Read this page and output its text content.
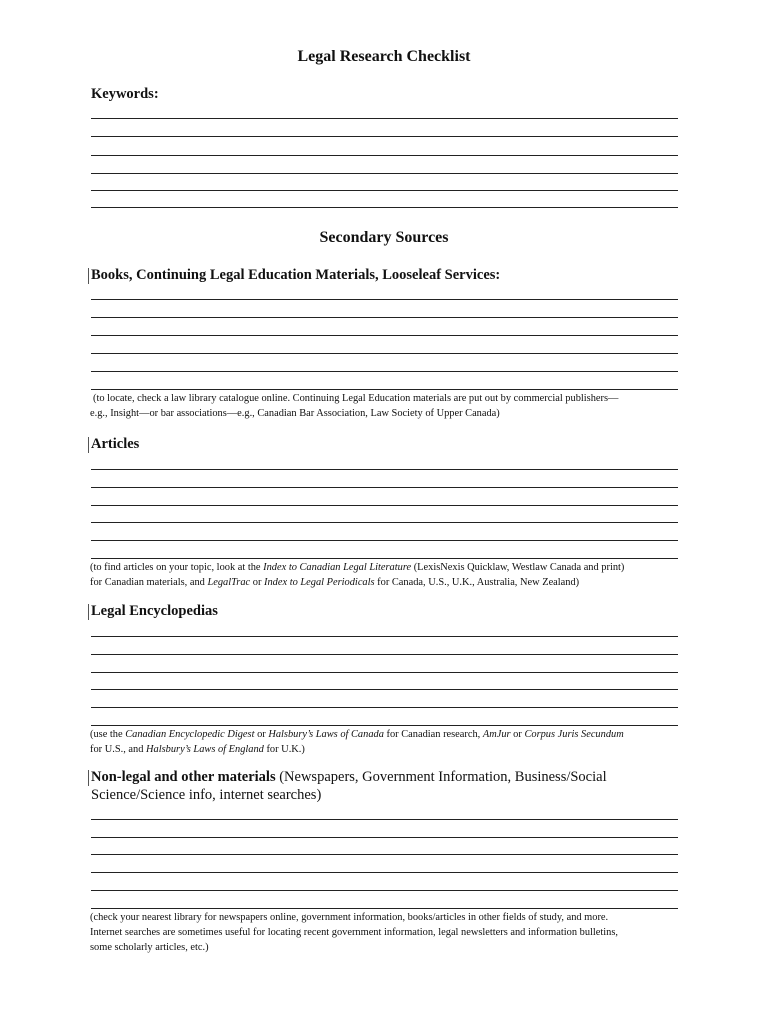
Legal Research Checklist
Keywords:
Secondary Sources
Books, Continuing Legal Education Materials, Looseleaf Services:
(to locate, check a law library catalogue online. Continuing Legal Education materials are put out by commercial publishers—
e.g., Insight—or bar associations—e.g., Canadian Bar Association, Law Society of Upper Canada)
Articles
(to find articles on your topic, look at the Index to Canadian Legal Literature (LexisNexis Quicklaw, Westlaw Canada and print)
for Canadian materials, and LegalTrac or Index to Legal Periodicals for Canada, U.S., U.K., Australia, New Zealand)
Legal Encyclopedias
(use the Canadian Encyclopedic Digest or Halsbury’s Laws of Canada for Canadian research, AmJur or Corpus Juris Secundum
for U.S., and Halsbury’s Laws of England for U.K.)
Non-legal and other materials (Newspapers, Government Information, Business/Social
Science/Science info, internet searches)
(check your nearest library for newspapers online, government information, books/articles in other fields of study, and more.
Internet searches are sometimes useful for locating recent government information, legal newsletters and information bulletins,
some scholarly articles, etc.)
